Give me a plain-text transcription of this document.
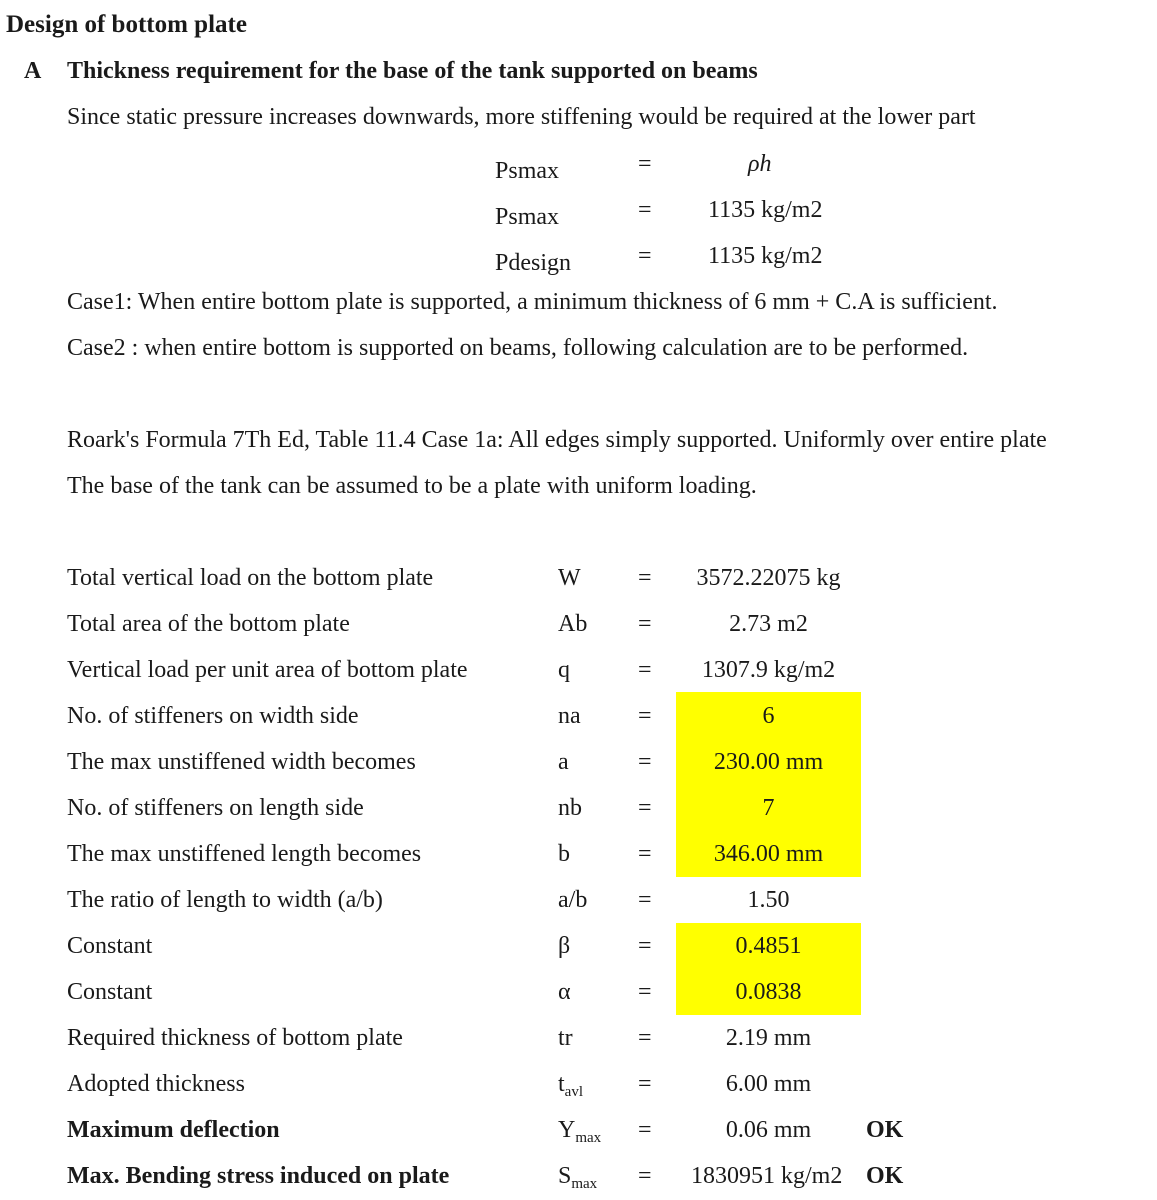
Design of bottom plate
A Thickness requirement for the base of the tank supported on beams
Since static pressure increases downwards, more stiffening would be required at the lower part
Psmax	=	ρh
Psmax	= 1135 kg/m2
Pdesign	= 1135 kg/m2
Case1: When entire bottom plate is supported, a minimum thickness of 6 mm + C.A is sufficient.
Case2 : when entire bottom is supported on beams, following calculation are to be performed.
Roark's Formula 7Th Ed, Table 11.4 Case 1a: All edges simply supported. Uniformly over entire plate
The base of the tank can be assumed to be a plate with uniform loading.
Total vertical load on the bottom plate	W =	3572.22075 kg
Total area of the bottom plate	Ab =	2.73 m2
Vertical load per unit area of bottom plate	q	=	1307.9 kg/m2
No. of stiffeners on width side	na =	6
The max unstiffened width becomes	a	=	230.00 mm
No. of stiffeners on length side	nb =	7
The max unstiffened length becomes	b	=	346.00 mm
The ratio of length to width (a/b)	a/b =	1.50
Constant	β	=	0.4851
Constant	α	=	0.0838
Required thickness of bottom plate	tr	=	2.19 mm
Adopted thickness	$t_{avl}$ =	6.00 mm
Maximum deflection	$Y_{max}$ =	0.06 mm	OK
Max. Bending stress induced on plate	$S_{max} = 1830951$ kg/m2 OK
